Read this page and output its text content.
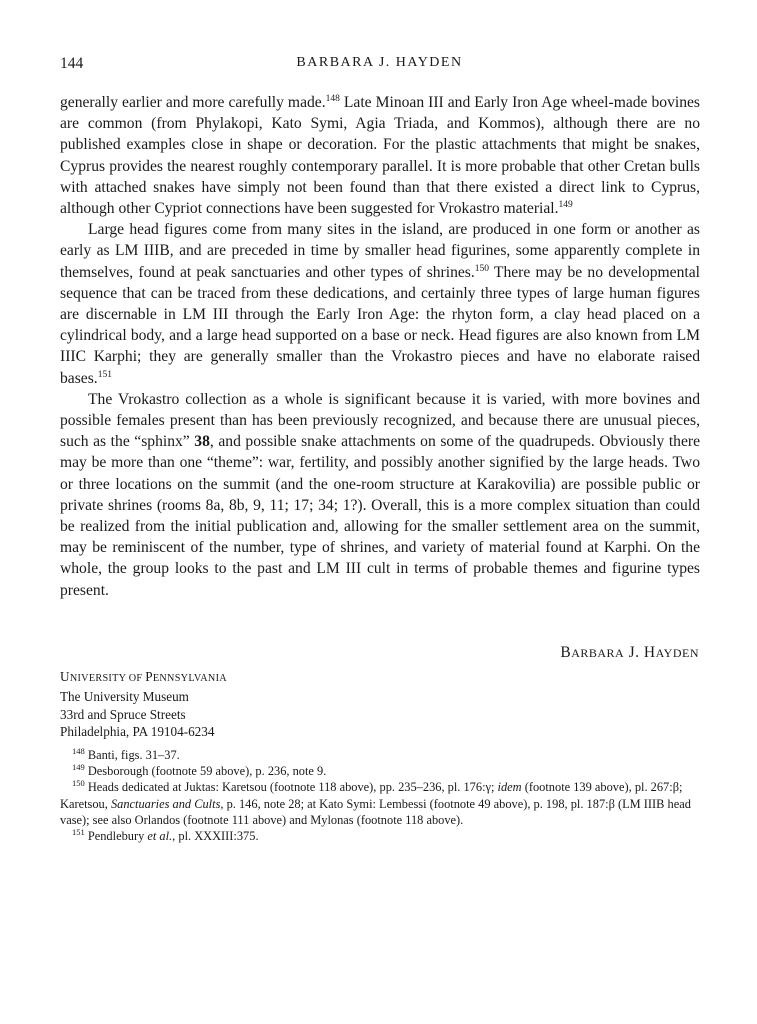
144	BARBARA J. HAYDEN

generally earlier and more carefully made.$^{148}$ Late Minoan III and Early Iron Age wheel-made bovines are common (from Phylakopi, Kato Symi, Agia Triada, and Kommos), although there are no published examples close in shape or decoration. For the plastic attachments that might be snakes, Cyprus provides the nearest roughly contemporary parallel. It is more probable that other Cretan bulls with attached snakes have simply not been found than that there existed a direct link to Cyprus, although other Cypriot connections have been suggested for Vrokastro material.$^{149}$

Large head figures come from many sites in the island, are produced in one form or another as early as LM IIIB, and are preceded in time by smaller head figurines, some apparently complete in themselves, found at peak sanctuaries and other types of shrines.$^{150}$ There may be no developmental sequence that can be traced from these dedications, and certainly three types of large human figures are discernable in LM III through the Early Iron Age: the rhyton form, a clay head placed on a cylindrical body, and a large head supported on a base or neck. Head figures are also known from LM IIIC Karphi; they are generally smaller than the Vrokastro pieces and have no elaborate raised bases.$^{151}$

The Vrokastro collection as a whole is significant because it is varied, with more bovines and possible females present than has been previously recognized, and because there are unusual pieces, such as the “sphinx” 38, and possible snake attachments on some of the quadrupeds. Obviously there may be more than one “theme”: war, fertility, and possibly another signified by the large heads. Two or three locations on the summit (and the one-room structure at Karakovilia) are possible public or private shrines (rooms 8a, 8b, 9, 11; 17; 34; 1?). Overall, this is a more complex situation than could be realized from the initial publication and, allowing for the smaller settlement area on the summit, may be reminiscent of the number, type of shrines, and variety of material found at Karphi. On the whole, the group looks to the past and LM III cult in terms of probable themes and figurine types present.

BARBARA J. HAYDEN
UNIVERSITY OF PENNSYLVANIA
The University Museum
33rd and Spruce Streets
Philadelphia, PA 19104-6234

$^{148}$ Banti, figs. 31–37.

$^{149}$ Desborough (footnote 59 above), p. 236, note 9.

$^{150}$ Heads dedicated at Juktas: Karetsou (footnote 118 above), pp. 235–236, pl. 176:γ; idem (footnote 139 above), pl. 267:β; Karetsou, Sanctuaries and Cults, p. 146, note 28; at Kato Symi: Lembessi (footnote 49 above), p. 198, pl. 187:β (LM IIIB head vase); see also Orlandos (footnote 111 above) and Mylonas (footnote 118 above).

$^{151}$ Pendlebury et al., pl. XXXIII:375.
